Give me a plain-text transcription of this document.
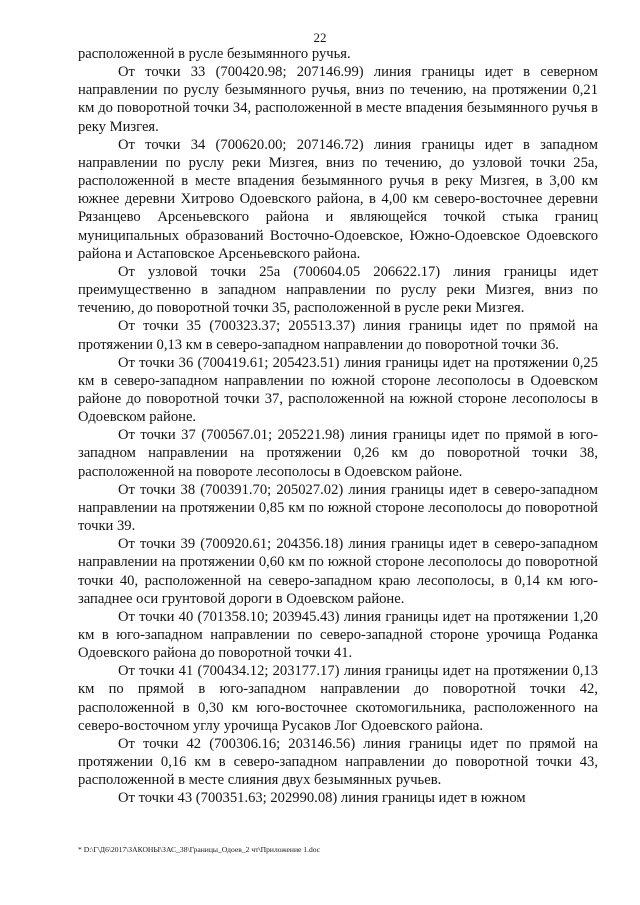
22

расположенной в русле безымянного ручья.

От точки 33 (700420.98; 207146.99) линия границы идет в северном направлении по руслу безымянного ручья, вниз по течению, на протяжении 0,21 км до поворотной точки 34, расположенной в месте впадения безымянного ручья в реку Мизгея.

От точки 34 (700620.00; 207146.72) линия границы идет в западном направлении по руслу реки Мизгея, вниз по течению, до узловой точки 25а, расположенной в месте впадения безымянного ручья в реку Мизгея, в 3,00 км южнее деревни Хитрово Одоевского района, в 4,00 км северо-восточнее деревни Рязанцево Арсеньевского района и являющейся точкой стыка границ муниципальных образований Восточно-Одоевское, Южно-Одоевское Одоевского района и Астаповское Арсеньевского района.

От узловой точки 25а (700604.05 206622.17) линия границы идет преимущественно в западном направлении по руслу реки Мизгея, вниз по течению, до поворотной точки 35, расположенной в русле реки Мизгея.

От точки 35 (700323.37; 205513.37) линия границы идет по прямой на протяжении 0,13 км в северо-западном направлении до поворотной точки 36.

От точки 36 (700419.61; 205423.51) линия границы идет на протяжении 0,25 км в северо-западном направлении по южной стороне лесополосы в Одоевском районе до поворотной точки 37, расположенной на южной стороне лесополосы в Одоевском районе.

От точки 37 (700567.01; 205221.98) линия границы идет по прямой в юго-западном направлении на протяжении 0,26 км до поворотной точки 38, расположенной на повороте лесополосы в Одоевском районе.

От точки 38 (700391.70; 205027.02) линия границы идет в северо-западном направлении на протяжении 0,85 км по южной стороне лесополосы до поворотной точки 39.

От точки 39 (700920.61; 204356.18) линия границы идет в северо-западном направлении на протяжении 0,60 км по южной стороне лесополосы до поворотной точки 40, расположенной на северо-западном краю лесополосы, в 0,14 км юго-западнее оси грунтовой дороги в Одоевском районе.

От точки 40 (701358.10; 203945.43) линия границы идет на протяжении 1,20 км в юго-западном направлении по северо-западной стороне урочища Роданка Одоевского района до поворотной точки 41.

От точки 41 (700434.12; 203177.17) линия границы идет на протяжении 0,13 км по прямой в юго-западном направлении до поворотной точки 42, расположенной в 0,30 км юго-восточнее скотомогильника, расположенного на северо-восточном углу урочища Русаков Лог Одоевского района.

От точки 42 (700306.16; 203146.56) линия границы идет по прямой на протяжении 0,16 км в северо-западном направлении до поворотной точки 43, расположенной в месте слияния двух безымянных ручьев.

От точки 43 (700351.63; 202990.08) линия границы идет в южном

* D:\Г\Д6\2017\ЗАКОНЫ\ЗАС_38\Границы_Одоев_2 чт\Приложение 1.doc
